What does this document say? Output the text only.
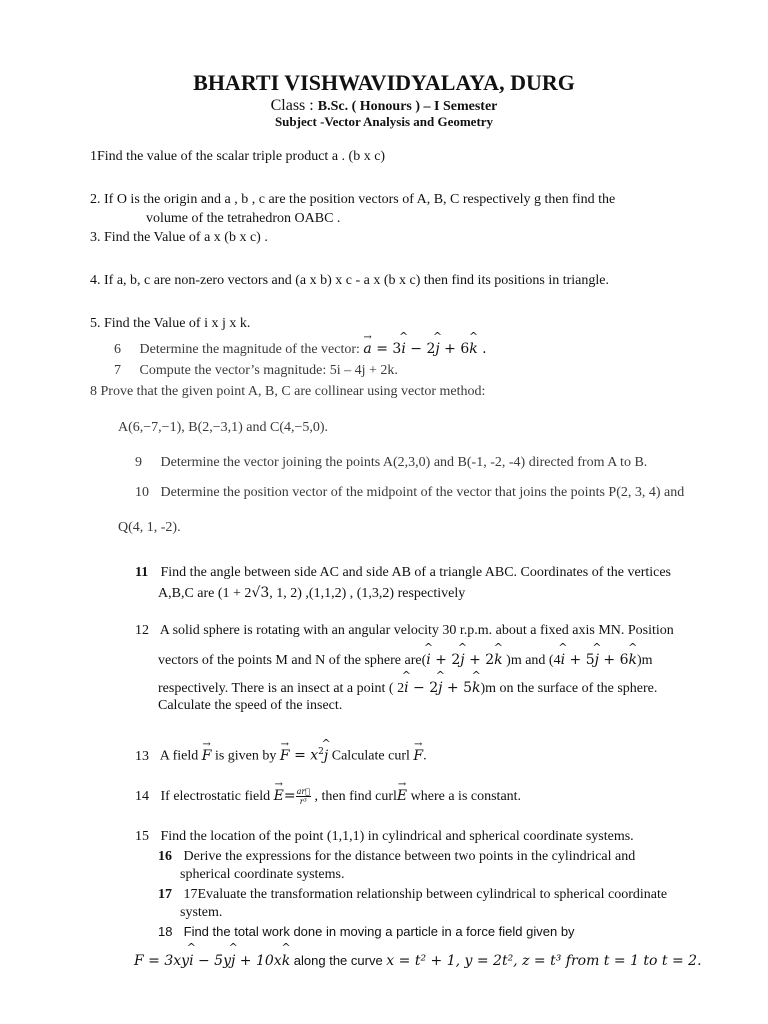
BHARTI VISHWAVIDYALAYA, DURG
Class : B.Sc. ( Honours ) – I Semester
Subject -Vector Analysis and Geometry
1Find the value of the scalar triple product a . (b x c)
2. If O is the origin and a , b , c are the position vectors of A, B, C respectively g then find the
volume of the tetrahedron OABC .
3. Find the Value of a x (b x c) .
4. If a, b, c are non-zero vectors and (a x b) x c - a x (b x c) then find its positions in triangle.
5. Find the Value of i x j x k.
6 Determine the magnitude of the vector: → a = 3^ i − 2^ j + 6^ k .
7 Compute the vector’s magnitude: 5i – 4j + 2k.
8 Prove that the given point A, B, C are collinear using vector method:
A(6,−7,−1), B(2,−3,1) and C(4,−5,0).
9 Determine the vector joining the points A(2,3,0) and B(-1, -2, -4) directed from A to B.
10 Determine the position vector of the midpoint of the vector that joins the points P(2, 3, 4) and
Q(4, 1, -2).
11 Find the angle between side AC and side AB of a triangle ABC. Coordinates of the vertices
A,B,C are (1 + 2√3, 1, 2) ,(1,1,2) , (1,3,2) respectively
12 A solid sphere is rotating with an angular velocity 30 r.p.m. about a fixed axis MN. Position
vectors of the points M and N of the sphere are(^ i + 2^ j + 2^ k )m and (4^ i + 5^ j + 6^ k)m
respectively. There is an insect at a point ( 2^ i − 2^ j + 5^ k)m on the surface of the sphere.
Calculate the speed of the insect.
13 A field → F is given by → $F = x^2\^{}$ j Calculate curl → F.
14 If electrostatic field → $E= \frac{ar⃗}{\text{r³}}$ , then find curl→ E where a is constant.
15 Find the location of the point (1,1,1) in cylindrical and spherical coordinate systems.
16 Derive the expressions for the distance between two points in the cylindrical and
spherical coordinate systems.
17 17Evaluate the transformation relationship between cylindrical to spherical coordinate
system.
18 Find the total work done in moving a particle in a force field given by
F = 3xy^ i − 5y^ j + 10x^ k along the curve x = t² + 1, y = 2t², z = t³ from t = 1 to t = 2.
